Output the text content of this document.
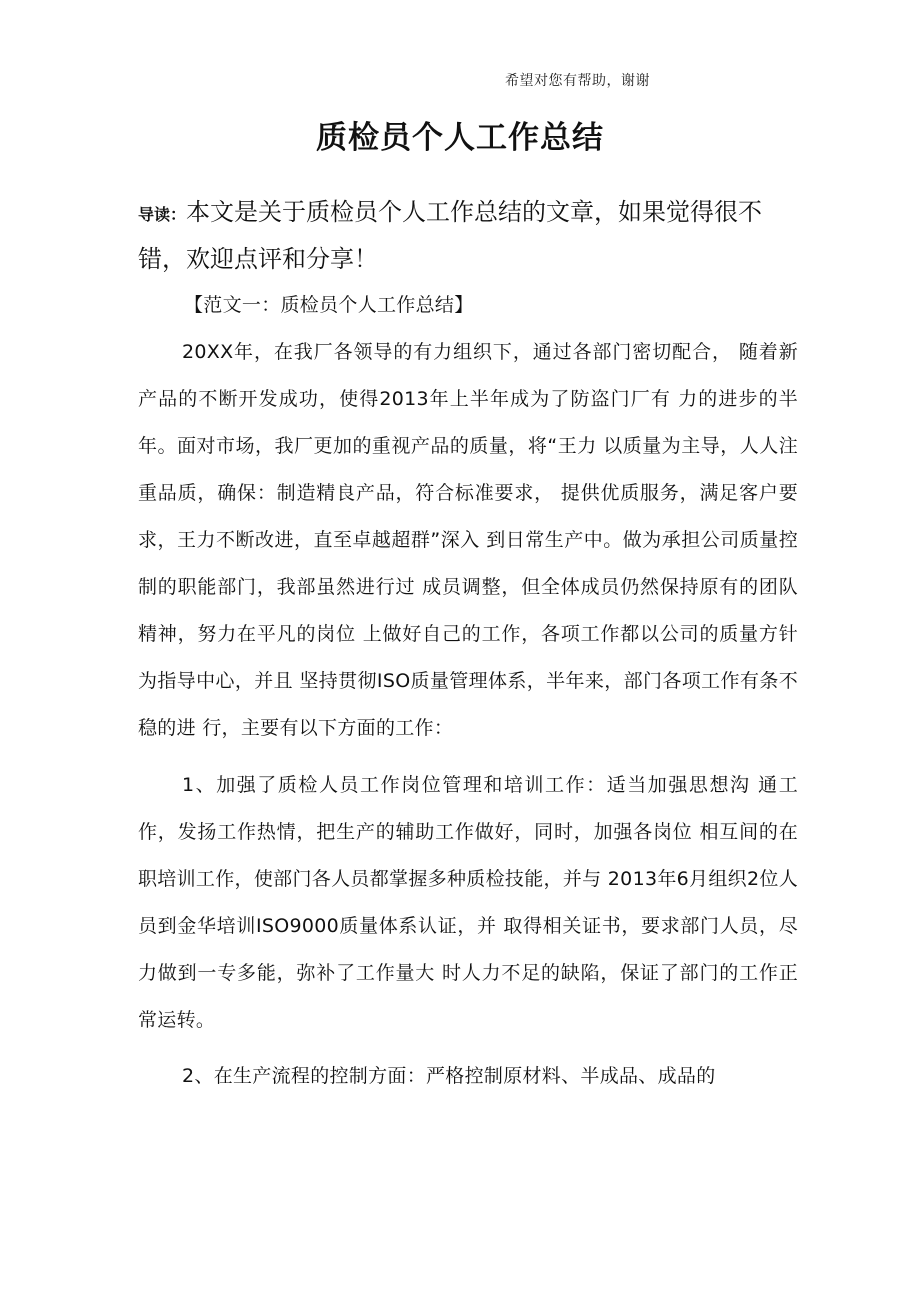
希望对您有帮助，谢谢
质检员个人工作总结

导读：本文是关于质检员个人工作总结的文章，如果觉得很不错，欢迎点评和分享！

【范文一：质检员个人工作总结】

20XX年，在我厂各领导的有力组织下，通过各部门密切配合， 随着新产品的不断开发成功，使得2013年上半年成为了防盗门厂有 力的进步的半年。面对市场，我厂更加的重视产品的质量，将“王力 以质量为主导，人人注重品质，确保：制造精良产品，符合标准要求， 提供优质服务，满足客户要求，王力不断改进，直至卓越超群”深入 到日常生产中。做为承担公司质量控制的职能部门，我部虽然进行过 成员调整，但全体成员仍然保持原有的团队精神，努力在平凡的岗位 上做好自己的工作，各项工作都以公司的质量方针为指导中心，并且 坚持贯彻ISO质量管理体系，半年来，部门各项工作有条不稳的进 行，主要有以下方面的工作：

1、加强了质检人员工作岗位管理和培训工作：适当加强思想沟 通工作，发扬工作热情，把生产的辅助工作做好，同时，加强各岗位 相互间的在职培训工作，使部门各人员都掌握多种质检技能，并与 2013年6月组织2位人员到金华培训ISO9000质量体系认证，并 取得相关证书，要求部门人员，尽力做到一专多能，弥补了工作量大 时人力不足的缺陷，保证了部门的工作正常运转。

2、在生产流程的控制方面：严格控制原材料、半成品、成品的
